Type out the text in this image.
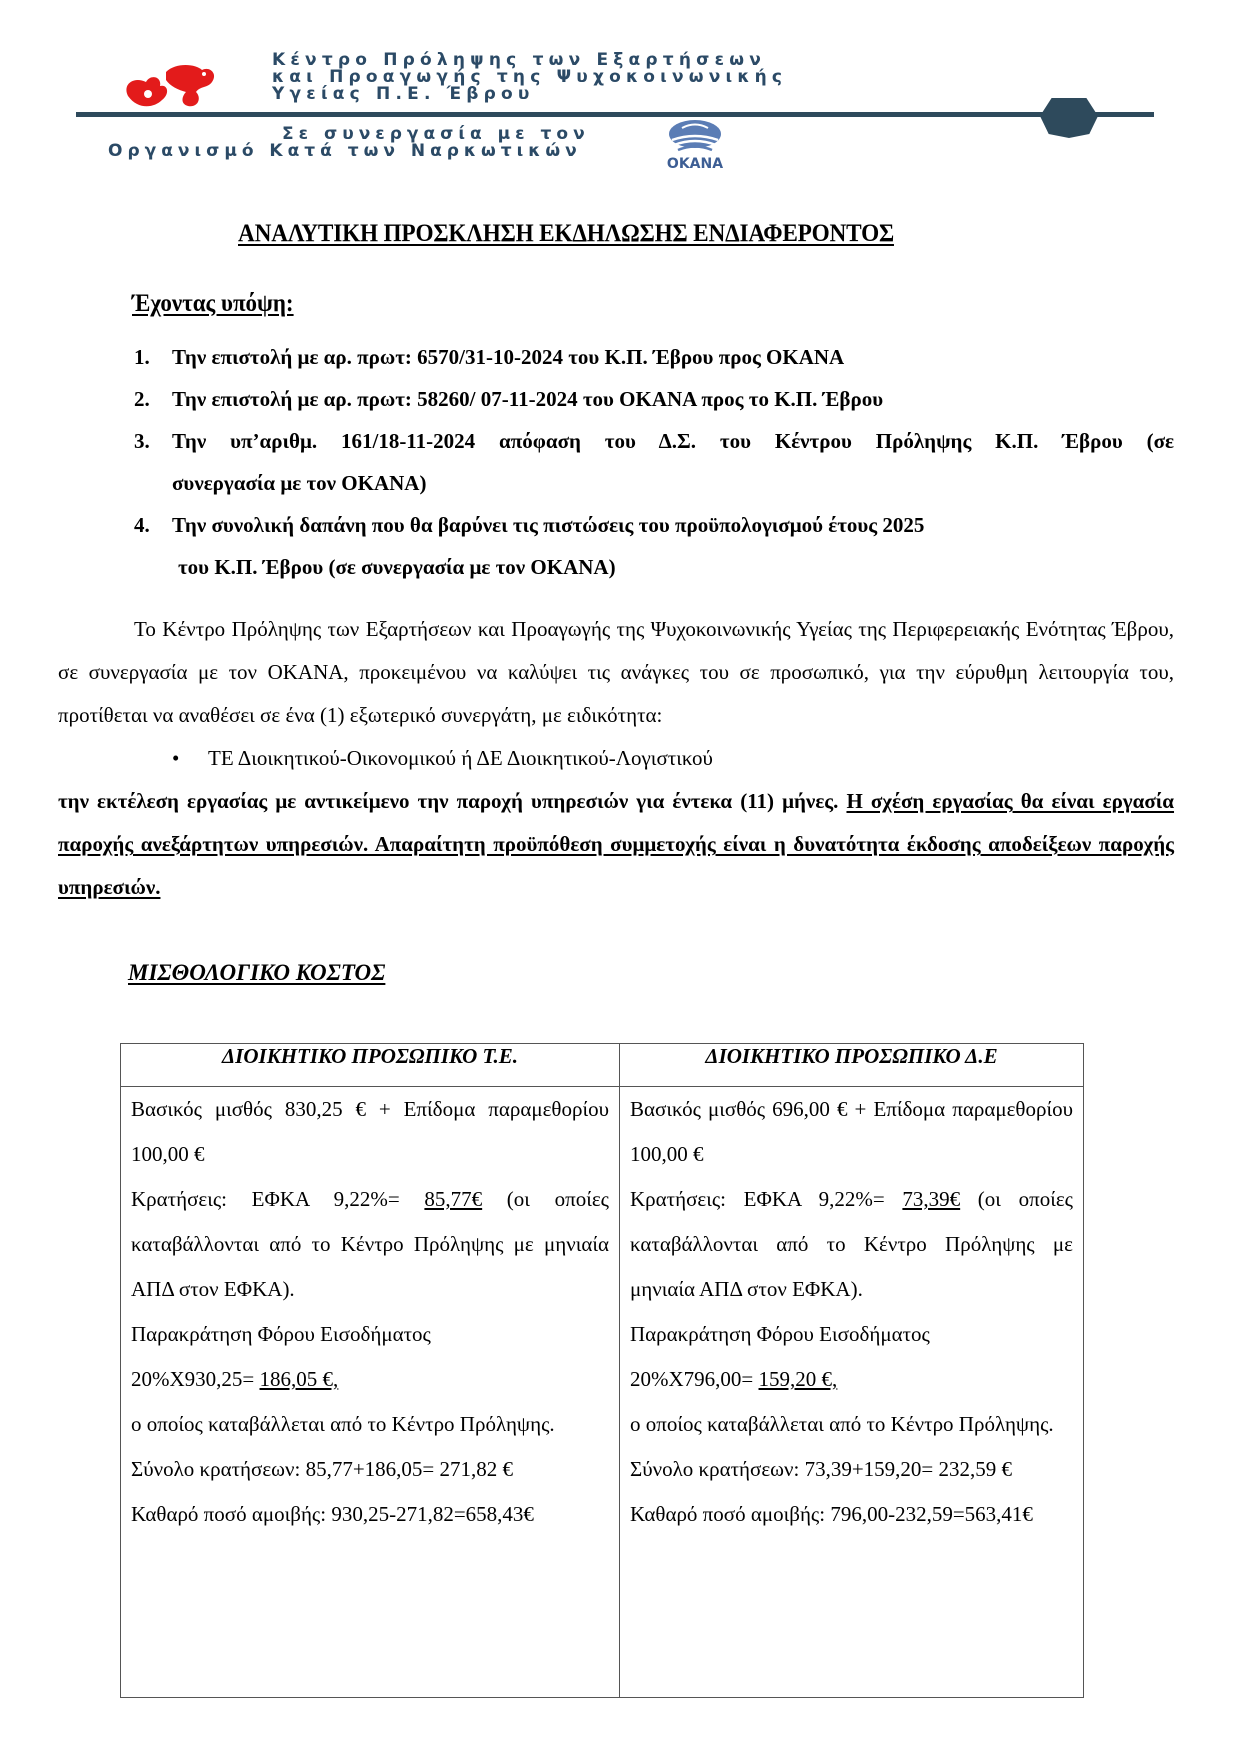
Κέντρο Πρόληψης των Εξαρτήσεων
και Προαγωγής της Ψυχοκοινωνικής
Υγείας Π.Ε. Έβρου
Σε συνεργασία με τον
Οργανισμό Κατά των Ναρκωτικών
OKANA
ΑΝΑΛΥΤΙΚΗ ΠΡΟΣΚΛΗΣΗ ΕΚΔΗΛΩΣΗΣ ΕΝΔΙΑΦΕΡΟΝΤΟΣ
Έχοντας υπόψη:
1.	Την επιστολή με αρ. πρωτ: 6570/31-10-2024 του Κ.Π. Έβρου προς ΟΚΑΝΑ
2.	Την επιστολή με αρ. πρωτ: 58260/ 07-11-2024 του ΟΚΑΝΑ προς το Κ.Π. Έβρου
3.	Την υπ’αριθμ. 161/18-11-2024 απόφαση του Δ.Σ. του Κέντρου Πρόληψης Κ.Π. Έβρου (σε
συνεργασία με τον ΟΚΑΝΑ)
4.	Την συνολική δαπάνη που θα βαρύνει τις πιστώσεις του προϋπολογισμού έτους 2025
του Κ.Π. Έβρου (σε συνεργασία με τον ΟΚΑΝΑ)
Το Κέντρο Πρόληψης των Εξαρτήσεων και Προαγωγής της Ψυχοκοινωνικής Υγείας της Περιφερειακής Ενότητας Έβρου, σε συνεργασία με τον ΟΚΑΝΑ, προκειμένου να καλύψει τις ανάγκες του σε προσωπικό, για την εύρυθμη λειτουργία του, προτίθεται να αναθέσει σε ένα (1) εξωτερικό συνεργάτη, με ειδικότητα:
• ΤΕ Διοικητικού-Οικονομικού ή ΔΕ Διοικητικού-Λογιστικού
την εκτέλεση εργασίας με αντικείμενο την παροχή υπηρεσιών για έντεκα (11) μήνες. Η σχέση εργασίας θα είναι εργασία παροχής ανεξάρτητων υπηρεσιών. Απαραίτητη προϋπόθεση συμμετοχής είναι η δυνατότητα έκδοσης αποδείξεων παροχής υπηρεσιών.
ΜΙΣΘΟΛΟΓΙΚΟ ΚΟΣΤΟΣ
ΔΙΟΙΚΗΤΙΚΟ ΠΡΟΣΩΠΙΚΟ Τ.Ε.	ΔΙΟΙΚΗΤΙΚΟ ΠΡΟΣΩΠΙΚΟ Δ.Ε

Βασικός μισθός 830,25 € + Επίδομα παραμεθορίου 100,00 €
Κρατήσεις: ΕΦΚΑ 9,22%= 85,77€ (οι οποίες καταβάλλονται από το Κέντρο Πρόληψης με μηνιαία ΑΠΔ στον ΕΦΚΑ).
Παρακράτηση Φόρου Εισοδήματος
20%Χ930,25= 186,05 €,
ο οποίος καταβάλλεται από το Κέντρο Πρόληψης.
Σύνολο κρατήσεων: 85,77+186,05= 271,82 €
Καθαρό ποσό αμοιβής: 930,25-271,82=658,43€

Βασικός μισθός 696,00 € + Επίδομα παραμεθορίου 100,00 €
Κρατήσεις: ΕΦΚΑ 9,22%= 73,39€ (οι οποίες καταβάλλονται από το Κέντρο Πρόληψης με μηνιαία ΑΠΔ στον ΕΦΚΑ).
Παρακράτηση Φόρου Εισοδήματος
20%Χ796,00= 159,20 €,
ο οποίος καταβάλλεται από το Κέντρο Πρόληψης.
Σύνολο κρατήσεων: 73,39+159,20= 232,59 €
Καθαρό ποσό αμοιβής: 796,00-232,59=563,41€
